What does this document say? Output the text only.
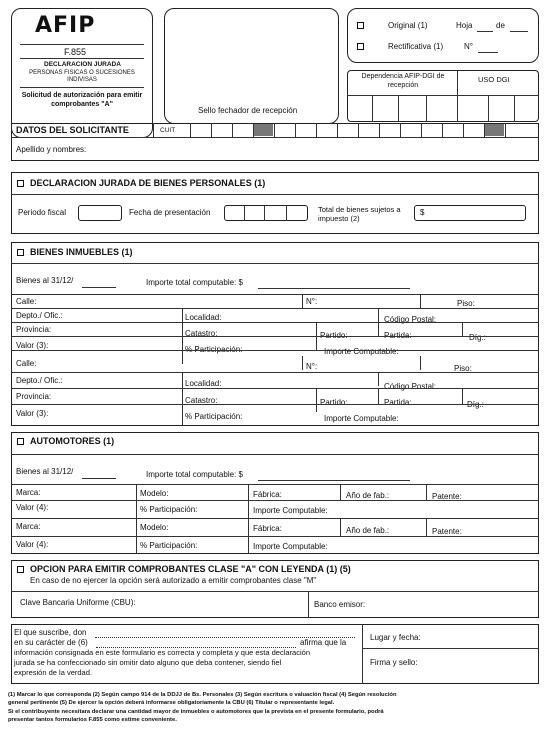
AFIP
F.855
DECLARACION JURADA
PERSONAS FISICAS O SUCESIONES INDIVISAS
Solicitud de autorización para emitir comprobantes "A"
Sello fechador de recepción
Original (1)	Hoja	de
Rectificativa (1)	N°
Dependencia AFIP-DGI de recepción
USO DGI
DATOS DEL SOLICITANTE	CUIT
Apellido y nombres:
DECLARACION JURADA DE BIENES PERSONALES (1)
Periodo fiscal	Fecha de presentación	Total de bienes sujetos a impuesto (2)
$
BIENES INMUEBLES (1)
Bienes al 31/12/	Importe total computable: $
Calle:	N°:	Piso:
Depto./ Ofic.:	Localidad:	Código Postal:
Provincia:	Catastro:	Partido:	Partida:	Díg.:
Valor (3):	% Participación:	Importe Computable:
Calle:	N°:	Piso:
Depto./ Ofic.:	Localidad:	Código Postal:
Provincia:	Catastro:	Partido:	Partida:	Díg.:
Valor (3):	% Participación:	Importe Computable:
AUTOMOTORES (1)
Bienes al 31/12/	Importe total computable: $
Marca:	Modelo:	Fábrica:	Año de fab.:	Patente:
Valor (4):	% Participación:	Importe Computable:
Marca:	Modelo:	Fábrica:	Año de fab.:	Patente:
Valor (4):	% Participación:	Importe Computable:
OPCION PARA EMITIR COMPROBANTES CLASE "A" CON LEYENDA (1) (5)
En caso de no ejercer la opción será autorizado a emitir comprobantes clase "M"
Clave Bancaria Uniforme (CBU):	Banco emisor:
El que suscribe, don
en su carácter de (6)	afirma que la
información consignada en este formulario es correcta y completa y que esta declaración
jurada se ha confeccionado sin omitir dato alguno que deba contener, siendo fiel
expresión de la verdad.
Lugar y fecha:
Firma y sello:
(1) Marcar lo que corresponda (2) Según campo 914 de la DDJJ de Bs. Personales (3) Según escritura o valuación fiscal (4) Según resolución
general pertinente (5) De ejercer la opción deberá informarse obligatoriamente la CBU (6) Titular o representante legal.
Si el contribuyente necesitara declarar una cantidad mayor de inmuebles o automotores que la prevista en el presente formulario, podrá
presentar tantos formularios F.855 como estime conveniente.
